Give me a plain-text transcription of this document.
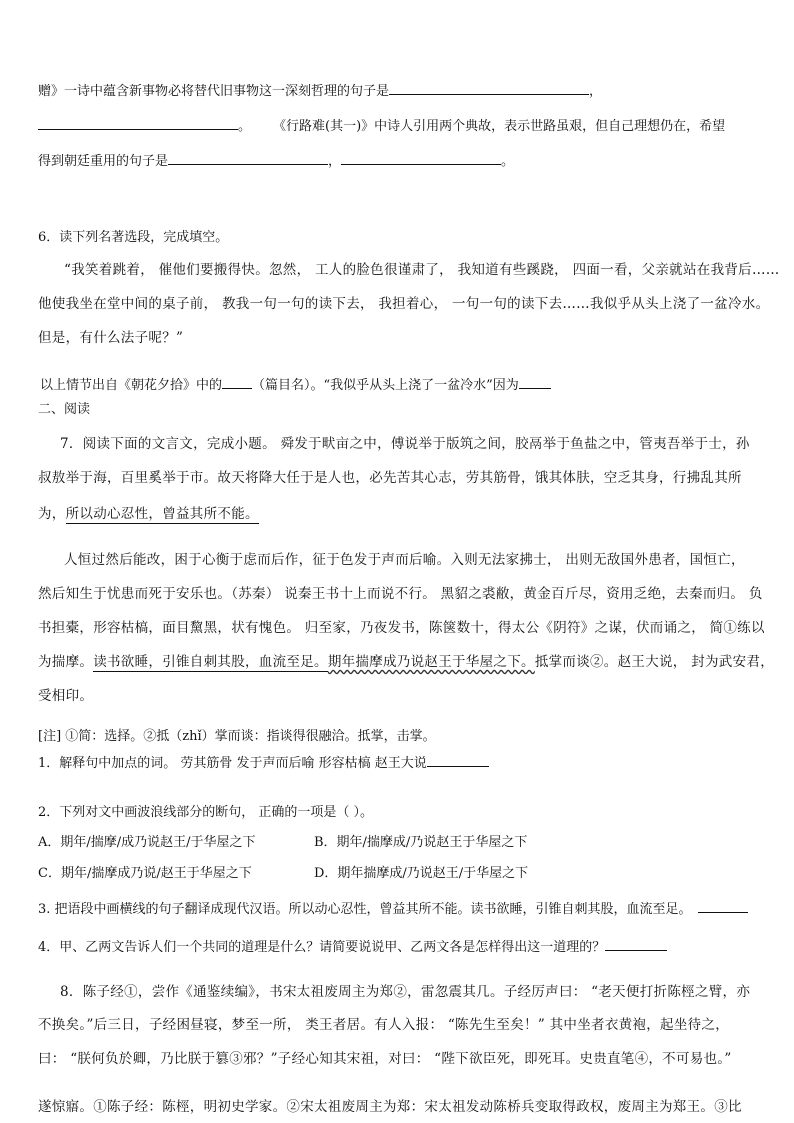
赠》一诗中蕴含新事物必将替代旧事物这一深刻哲理的句子是	，
。 《行路难(其一)》中诗人引用两个典故，表示世路虽艰，但自己理想仍在，希望
得到朝廷重用的句子是	，	。
6．读下列名著选段，完成填空。
“我笑着跳着， 催他们要搬得快。忽然， 工人的脸色很谨肃了， 我知道有些蹊跷， 四面一看，父亲就站在我背后……
他使我坐在堂中间的桌子前， 教我一句一句的读下去， 我担着心， 一句一句的读下去……我似乎从头上浇了一盆冷水。
但是，有什么法子呢？”
以上情节出自《朝花夕拾》中的 （篇目名）。“我似乎从头上浇了一盆冷水”因为
二、阅读
7．阅读下面的文言文，完成小题。 舜发于畎亩之中，傅说举于版筑之间，胶鬲举于鱼盐之中，管夷吾举于士，孙
叔敖举于海，百里奚举于市。故天将降大任于是人也，必先苦其心志，劳其筋骨，饿其体肤，空乏其身，行拂乱其所
为，所以动心忍性，曾益其所不能。
人恒过然后能改，困于心衡于虑而后作，征于色发于声而后喻。入则无法家拂士， 出则无敌国外患者，国恒亡，
然后知生于忧患而死于安乐也。（苏秦） 说秦王书十上而说不行。 黑貂之裘敝，黄金百斤尽，资用乏绝，去秦而归。 负
书担橐，形容枯槁，面目黧黑，状有愧色。 归至家，乃夜发书，陈箧数十，得太公《阴符》之谋，伏而诵之， 简①练以
为揣摩。读书欲睡，引锥自刺其股，血流至足。期年揣摩成乃说赵王于华屋之下。抵掌而谈②。赵王大说， 封为武安君，
受相印。
[注] ①简：选择。②抵（zhǐ）掌而谈：指谈得很融洽。抵掌，击掌。
1．解释句中加点的词。 劳其筋骨 发于声而后喻 形容枯槁 赵王大说
2．下列对文中画波浪线部分的断句， 正确的一项是（ ）。
A．期年/揣摩/成乃说赵王/于华屋之下	B．期年/揣摩成/乃说赵王于华屋之下
C．期年/揣摩成乃说/赵王于华屋之下	D．期年揣摩成/乃说赵王/于华屋之下
3. 把语段中画横线的句子翻译成现代汉语。所以动心忍性，曾益其所不能。读书欲睡，引锥自刺其股，血流至足。
4．甲、乙两文告诉人们一个共同的道理是什么？请简要说说甲、乙两文各是怎样得出这一道理的？
8．陈子经①，尝作《通鉴续编》，书宋太祖废周主为郑②，雷忽震其几。子经厉声曰： “老天便打折陈桱之臂，亦
不换矣。”后三日，子经困昼寝，梦至一所， 类王者居。有人入报： “陈先生至矣！” 其中坐者衣黄袍，起坐待之，
曰： “朕何负於卿，乃比朕于篡③邪？”子经心知其宋祖，对曰： “陛下欲臣死，即死耳。史贵直笔④，不可易也。”
遂惊寤。①陈子经：陈桱，明初史学家。②宋太祖废周主为郑：宋太祖发动陈桥兵变取得政权，废周主为郑王。③比
